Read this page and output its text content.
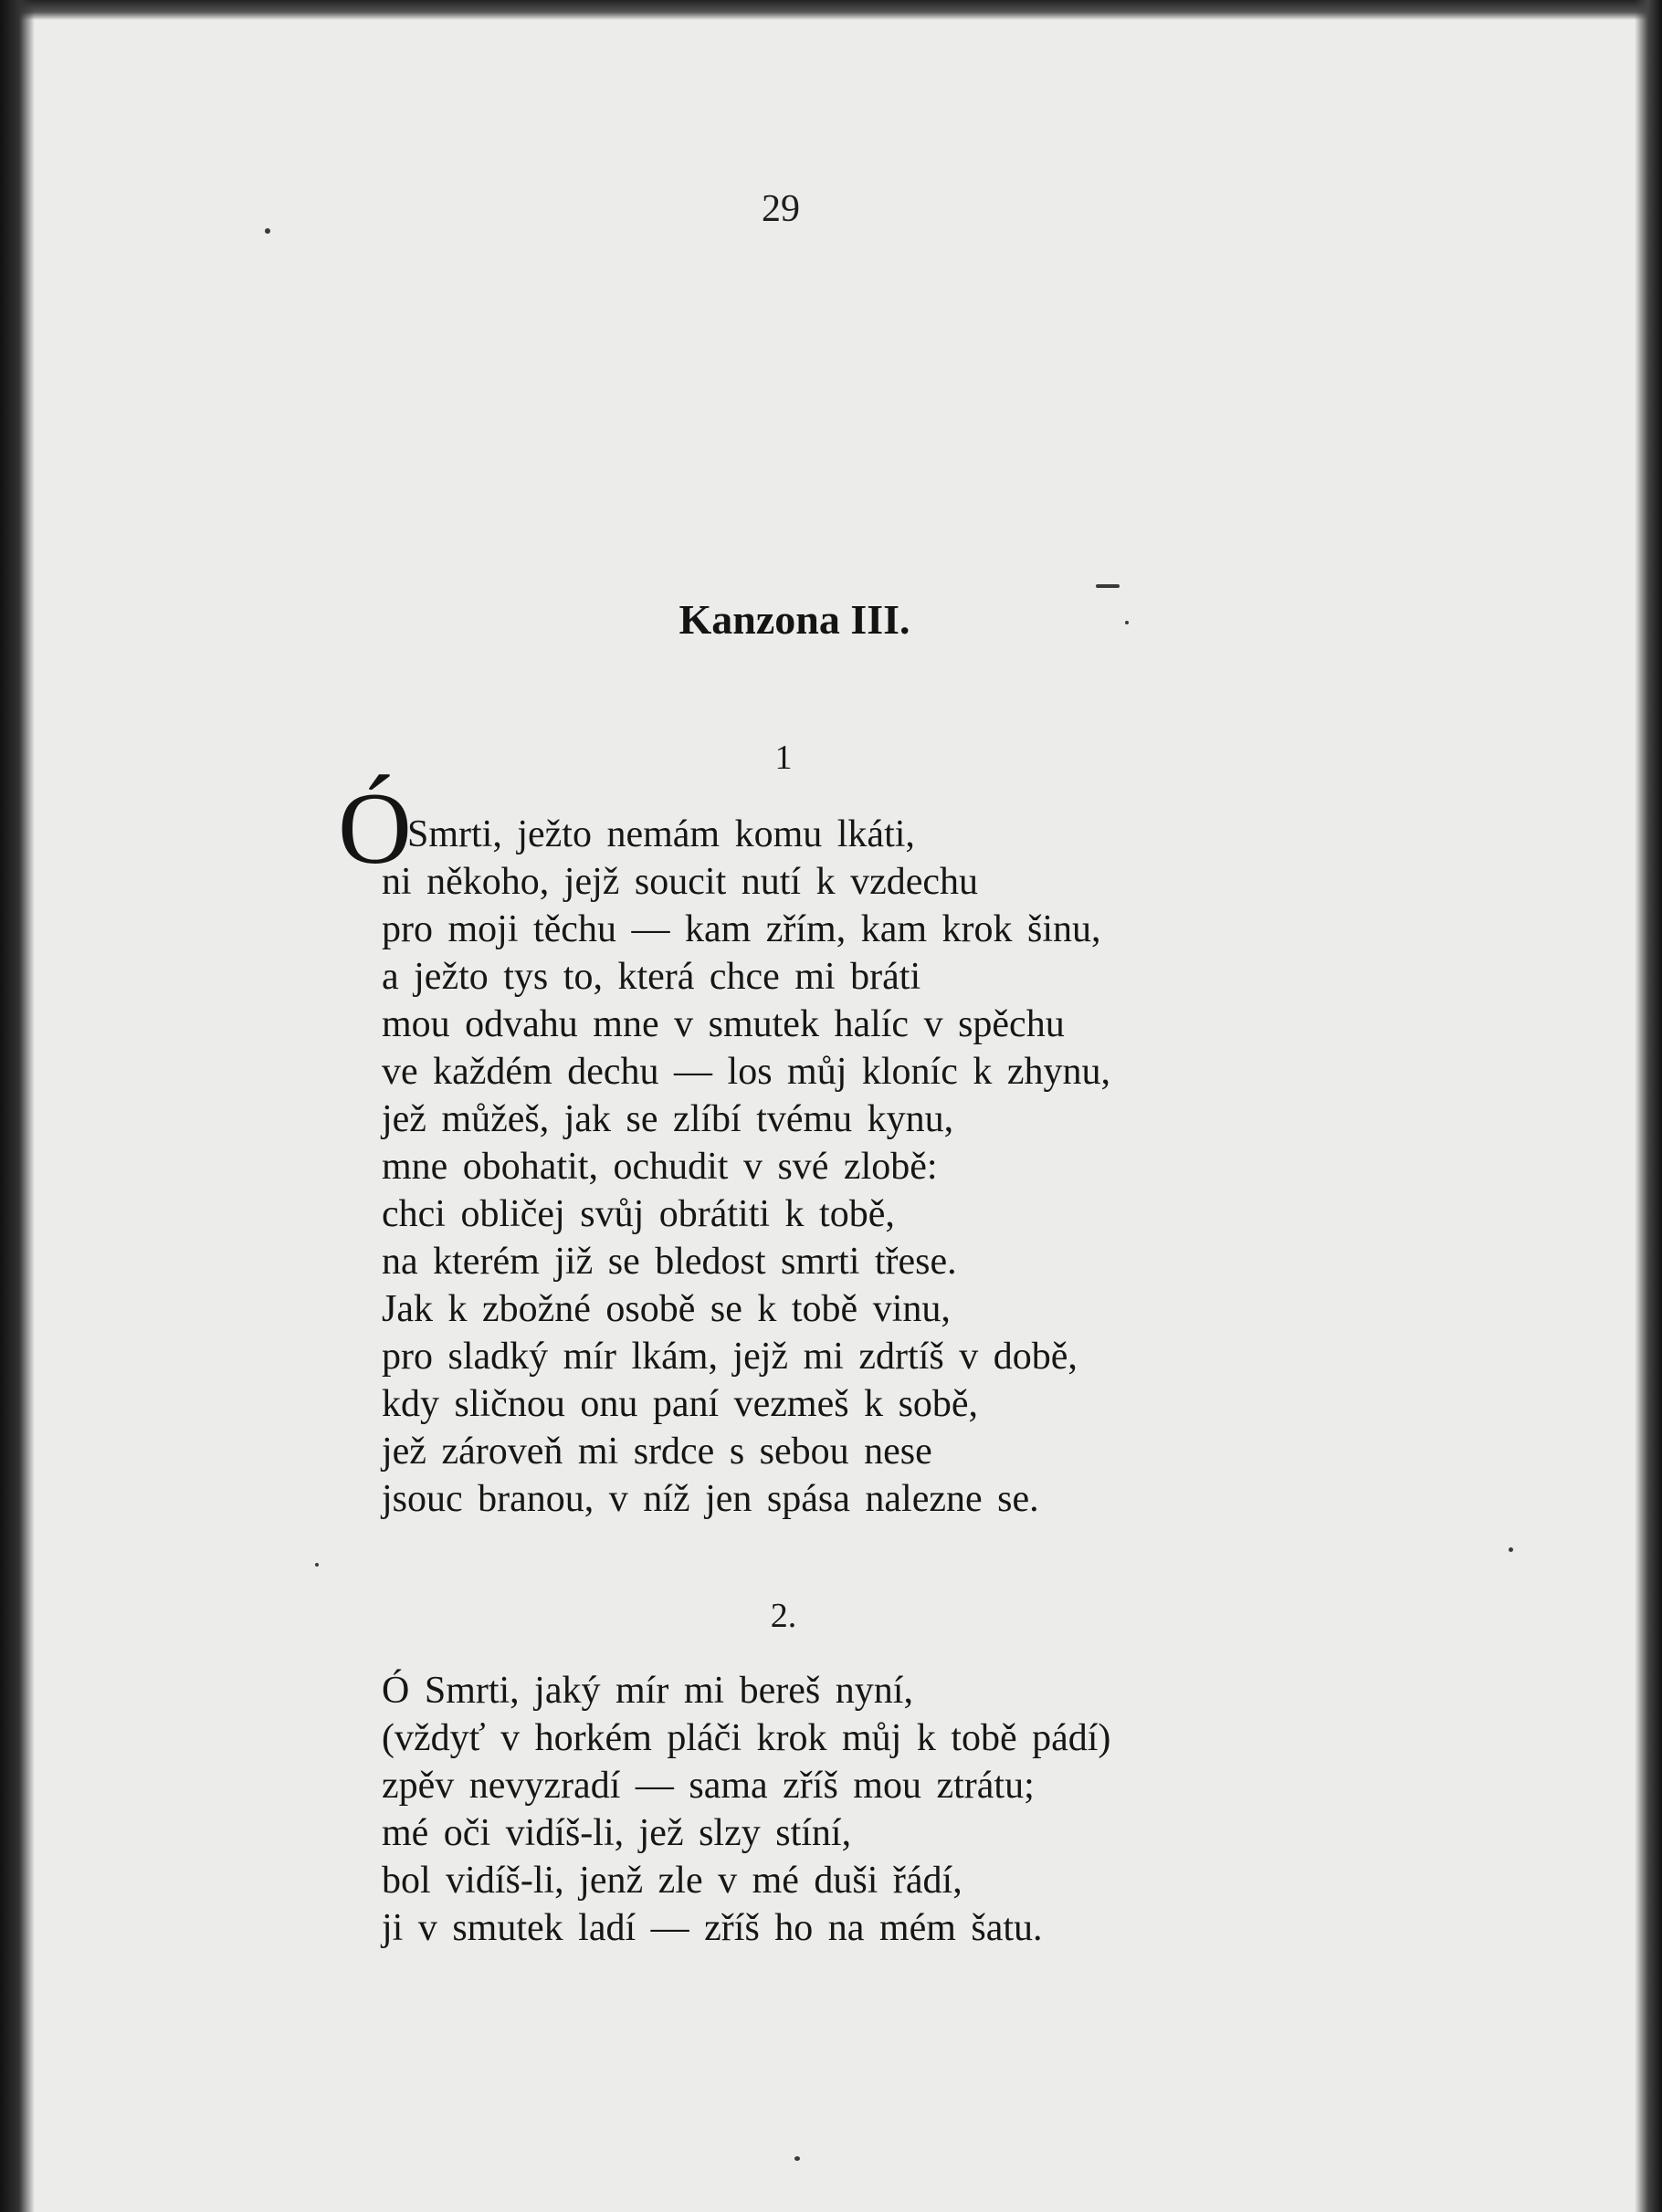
29
Kanzona III.
1
Ó
Smrti, ježto nemám komu lkáti,
ni někoho, jejž soucit nutí k vzdechu
pro moji těchu — kam zřím, kam krok šinu,
a ježto tys to, která chce mi bráti
mou odvahu mne v smutek halíc v spěchu
ve každém dechu — los můj kloníc k zhynu,
jež můžeš, jak se zlíbí tvému kynu,
mne obohatit, ochudit v své zlobě:
chci obličej svůj obrátiti k tobě,
na kterém již se bledost smrti třese.
Jak k zbožné osobě se k tobě vinu,
pro sladký mír lkám, jejž mi zdrtíš v době,
kdy sličnou onu paní vezmeš k sobě,
jež zároveň mi srdce s sebou nese
jsouc branou, v níž jen spása nalezne se.
2.
Ó Smrti, jaký mír mi bereš nyní,
(vždyť v horkém pláči krok můj k tobě pádí)
zpěv nevyzradí — sama zříš mou ztrátu;
mé oči vidíš-li, jež slzy stíní,
bol vidíš-li, jenž zle v mé duši řádí,
ji v smutek ladí — zříš ho na mém šatu.
